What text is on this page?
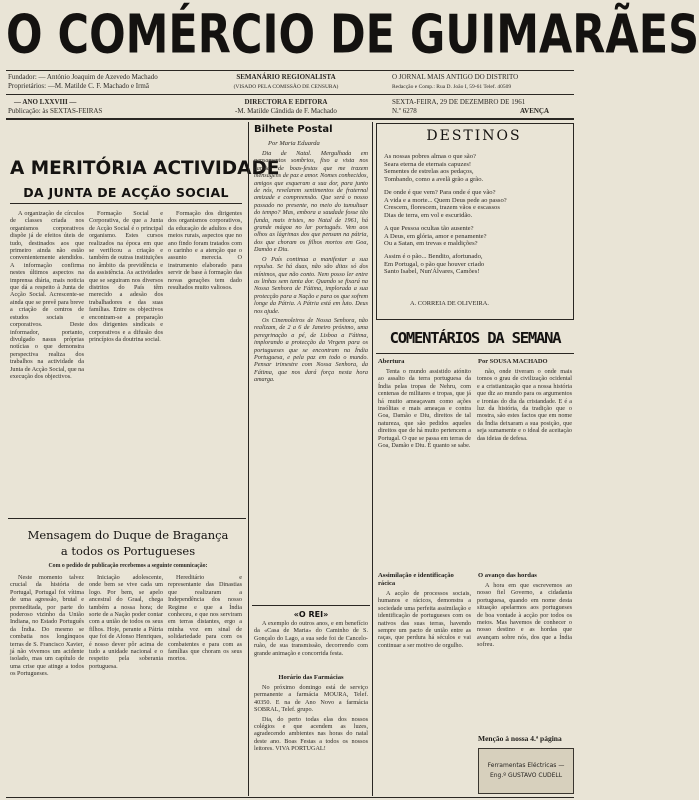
O COMÉRCIO DE GUIMARÃES
Fundador: — António Joaquim de Azevedo Machado
Proprietários: —M. Matilde C. F. Machado e Irmã
SEMANÁRIO REGIONALISTA
(VISADO PELA COMISSÃO DE CENSURA)
O JORNAL MAIS ANTIGO DO DISTRITO
Redacção e Comp.: Rua D. João I, 59-61 Telef. 40509
— ANO LXXVIII —
Publicação: às SEXTAS-FEIRAS
DIRECTORA E EDITORA
-M. Matilde Cândida de F. Machado
SEXTA-FEIRA, 29 DE DEZEMBRO DE 1961
N.º 6278	AVENÇA
A MERITÓRIA ACTIVIDADE
DA JUNTA DE ACÇÃO SOCIAL

A organização de círculos de classes criada nos organismos corporativos dispõe já de efeitos úteis de tudo, destinados aos que primeiro ainda não estão convenientemente atendidos. A informação confirma nestes últimos aspectos na imprensa diária, mais noticia que dá a respeito à Junta de Acção Social. Acrescente-se ainda que se prevê para breve a criação de centros de estudos sociais e corporativos. Deste informador, portanto, divulgado nasus próprias notícias o que demonstra perspectiva realiza dos trabalhos na actividade da Junta de Acção Social, que na execução dos objectivos.

Formação Social e Corporativa, de que a Junta de Acção Social é o principal organismo. Estes cursos realizados na época em que se verificou a criação e também de outras instituições no âmbito da previdência e da assistência. As actividades que se seguiram nos diversos distritos do País têm merecido a adesão dos trabalhadores e das suas famílias. Entre os objectivos encontram-se a preparação dos dirigentes sindicais e corporativos e a difusão dos princípios da doutrina social.

Formação dos dirigentes dos organismos corporativos, da educação de adultos e dos meios rurais, aspectos que no ano findo foram tratados com o carinho e a atenção que o assunto merecia. O instrumento elaborado para servir de base à formação das novas gerações tem dado resultados muito valiosos.

Mensagem do Duque de Bragança
a todos os Portugueses
Com o pedido de publicação recebemos a seguinte comunicação:

Neste momento talvez crucial da história de Portugal, Portugal foi vítima de uma agressão, brutal e premeditada, por parte do poderoso vizinho da União Indiana, no Estado Português da Índia. Do mesmo se combatia nos longínquos terras de S. Francisco Xavier, já não vivemos um acidente isolado, mas um capítulo de uma crise que atinge a todos os Portugueses.

Iniciação adolescente, onde bem se vive cada um logo. Por bem, se apelo ancestral do Graal, chega também a nossa hora; de sorte de a Nação poder contar com a união de todos os seus filhos. Hoje, perante a Pátria que foi de Afonso Henriques, é nosso dever pôr acima de tudo a unidade nacional e o respeito pela soberania portuguesa.

Hereditário e representante das Dinastias que realizaram a Independência dos nosso Regime e que a Índia conheceu, e que nos serviram em terras distantes, ergo a minha voz em sinal de solidariedade para com os combatentes e para com as famílias que choram os seus mortos.

Bilhete Postal
Por Maria Eduarda

Dia de Natal. Mergulhada em pensamentos sombrios, fixo a vista nos cartões de boas-festas que me trazem mensagens de paz e amor. Nomes conhecidos, amigos que esqueram a sua dor, para junto de nós, revelarem sentimentos de fraternal amizade e compreensão. Que será o nosso passado no presente, no meio do tumultuar do tempo? Mas, embora a saudade fosse tão funda, mais tristes, no Natal de 1961, há grande mágoa no lar português. Vem aos olhos as lágrimas dos que pensam na pátria, dos que choram os filhos mortos em Goa, Damão e Diu.

O País continua a manifestar a sua repulsa. Se há duas, não são ditas só dos mínimos, que não conto. Nem posso ler entre as linhas sem tanta dor. Quando se fixará na Nossa Senhora de Fátima, implorada a sua protecção para a Nação e para os que sofrem longe da Pátria. A Pátria está em luto. Deus nos ajude.

Os Cinemoleiros de Nossa Senhora, não realizam, de 2 a 6 de Janeiro próximo, uma peregrinação a pé, de Lisboa a Fátima, implorando a protecção da Virgem para os portugueses que se encontram na Índia Portuguesa, e pela paz em todo o mundo. Pensar trimestre com Nossa Senhora, da Fátima, que nos dará força nesta hora amarga.

«O REI»

A exemplo do outros anos, e em benefício da «Casa de Maria» do Caminho de S. Gonçalo do Lago, a sua sede foi de Cancelo-ruão, de sua transmissão, decorrendo com grande animação e concorrida festa.

Horário das Farmácias

No próximo domingo está de serviço permanente a farmácia MOURA, Telef. 40350. E na de Ano Novo a farmácia SOBRAL, Telef. grupo.

Dia, do perto todas elas dos nossos colégios e que acendem as luzes, agradecendo ambientes nas horas do natal deste ano. Boas Festas a todos os nossos leitores. VIVA PORTUGAL!

DESTINOS
As nossas pobres almas o que são?
Seara eterna de eternais capuzes!
Sementes de estrelas aos pedaços,
Tombando, como a avelã grão a grão.
De onde é que vem? Para onde é que vão?
A vida e a morte... Quem Deus pede ao passo?
Crescem, florescem, trazem vãos e escassos
Dias de terra, em vol e escuridão.
A que Pessoa ocultas tão ausente?
A Deus, em glória, amor e penamente?
Ou a Satan, em trevas e maldições?
Assim é o pão... Bendito, afortunado,
Em Portugal, o pão que houver criado
Santo Isabel, Nun'Álvares, Camões!
A. CORREIA DE OLIVEIRA.
COMENTÁRIOS DA SEMANA
Abertura	Por SOUSA MACHADO

Tenta o mundo assistido atónito ao assalto da terra portuguesa da Índia pelas tropas de Nehru, com centenas de militares e tropas, que já há muito ameaçavam como ações insólitas e mais ameaças e contra Goa, Damão e Diu, direitos de tal natureza, que são pedidos aqueles direitos que de há muito pertencem a Portugal. O que se passa em terras de Goa, Damão e Diu. É quanto se sabe.

não, onde tiveram o onde mais tomos o grau de civilização ocidental e a cristianização que a nossa história que diz ao mundo para os argumentos e ironias do dia da cristandade. E é a luz da história, da tradição que o mostra, são estes factos que em nome da Índia deixaram a sua posição, que seja sumamente e o ideal de aceitação das ideias de defesa.

Assimilação e identificação rácica

A acção de processos sociais, humanos e rácicos, demonstra a sociedade uma perfeita assimilação e identificação de portugueses com os nativos das suas terras, havendo sempre um pacto de união entre as raças, que perdura há séculos e vai continuar a ser motivo de orgulho.

O avanço das hordas

A hora em que escrevemos ao nosso fiel Governo, a cidadania portuguesa, quando em nome desta situação apelarmos aos portugueses de boa vontade à acção por todos os meios. Mas havemos de conhecer o nosso destino e as hordas que avançam sobre nós, dos que a Índia sofreu.

Menção à nossa 4.ª página
Ferramentas Eléctricas — Eng.º GUSTAVO CUDELL
